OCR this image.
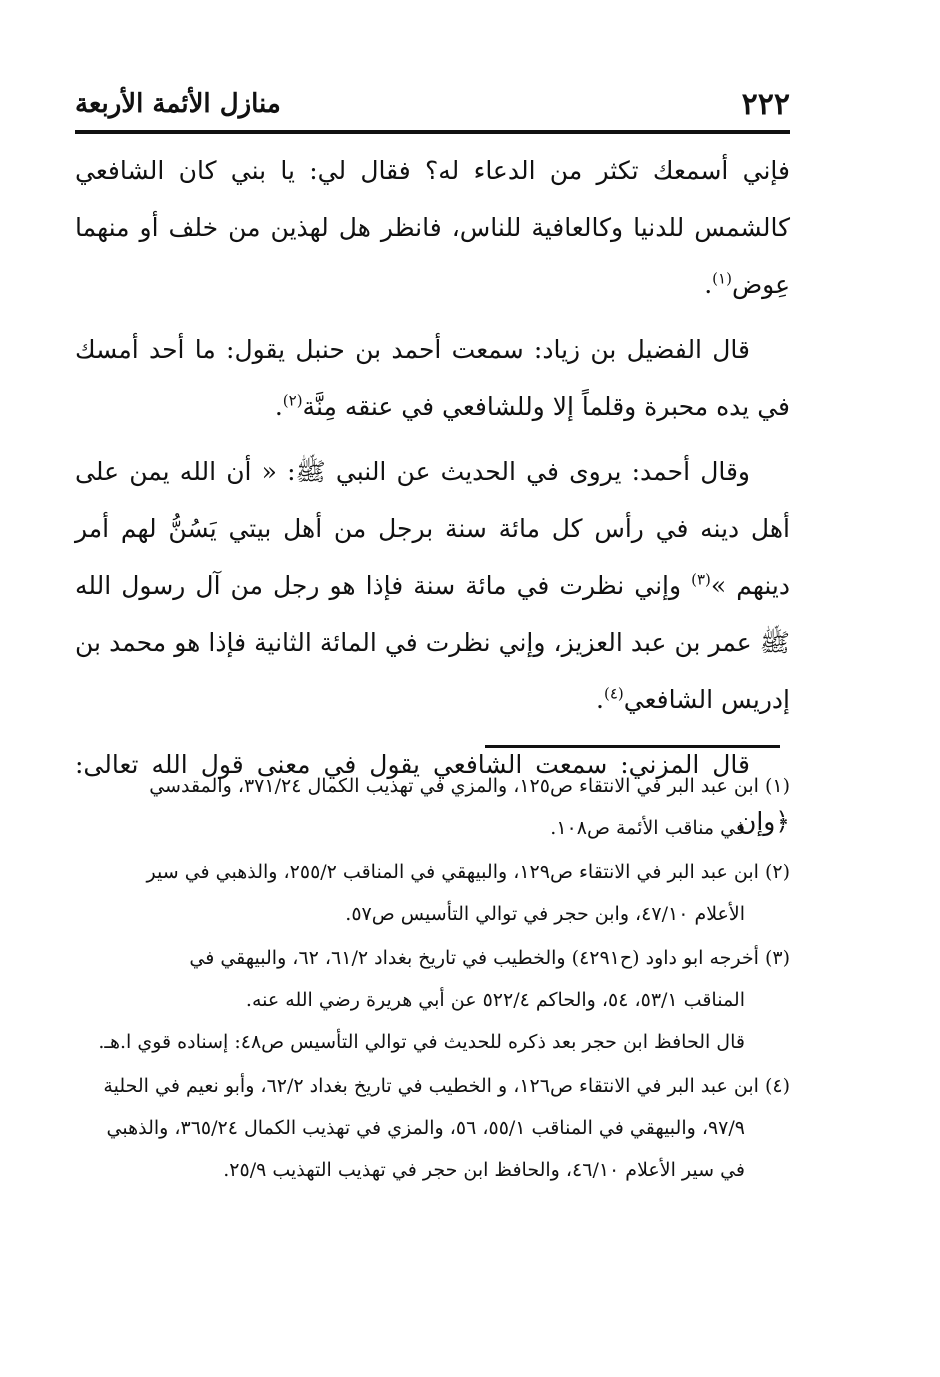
٢٢٢
منازل الأئمة الأربعة

فإني أسمعك تكثر من الدعاء له؟ فقال لي: يا بني كان الشافعي كالشمس للدنيا وكالعافية للناس، فانظر هل لهذين من خلف أو منهما عِوض$^{(١)}$.

قال الفضيل بن زياد: سمعت أحمد بن حنبل يقول: ما أحد أمسك في يده محبرة وقلماً إلا وللشافعي في عنقه مِنَّة$^{(٢)}$.

وقال أحمد: يروى في الحديث عن النبي ﷺ: « أن الله يمن على أهل دينه في رأس كل مائة سنة برجل من أهل بيتي يَسُنُّ لهم أمر دينهم »$^{(٣)}$ وإني نظرت في مائة سنة فإذا هو رجل من آل رسول الله ﷺ عمر بن عبد العزيز، وإني نظرت في المائة الثانية فإذا هو محمد بن إدريس الشافعي$^{(٤)}$.

قال المزني: سمعت الشافعي يقول في معنى قول الله تعالى: ﴿وإن

(١) ابن عبد البر في الانتقاء ص١٢٥، والمزي في تهذيب الكمال ٣٧١/٢٤، والمقدسي
في مناقب الأئمة ص١٠٨.
(٢) ابن عبد البر في الانتقاء ص١٢٩، والبيهقي في المناقب ٢٥٥/٢، والذهبي في سير
الأعلام ٤٧/١٠، وابن حجر في توالي التأسيس ص٥٧.
(٣) أخرجه ابو داود (ح٤٢٩١) والخطيب في تاريخ بغداد ٦١/٢، ٦٢، والبيهقي في
المناقب ٥٣/١، ٥٤، والحاكم ٥٢٢/٤ عن أبي هريرة رضي الله عنه.
قال الحافظ ابن حجر بعد ذكره للحديث في توالي التأسيس ص٤٨: إسناده قوي ا.هـ.
(٤) ابن عبد البر في الانتقاء ص١٢٦، و الخطيب في تاريخ بغداد ٦٢/٢، وأبو نعيم في الحلية
٩٧/٩، والبيهقي في المناقب ٥٥/١، ٥٦، والمزي في تهذيب الكمال ٣٦٥/٢٤، والذهبي
في سير الأعلام ٤٦/١٠، والحافظ ابن حجر في تهذيب التهذيب ٢٥/٩.
